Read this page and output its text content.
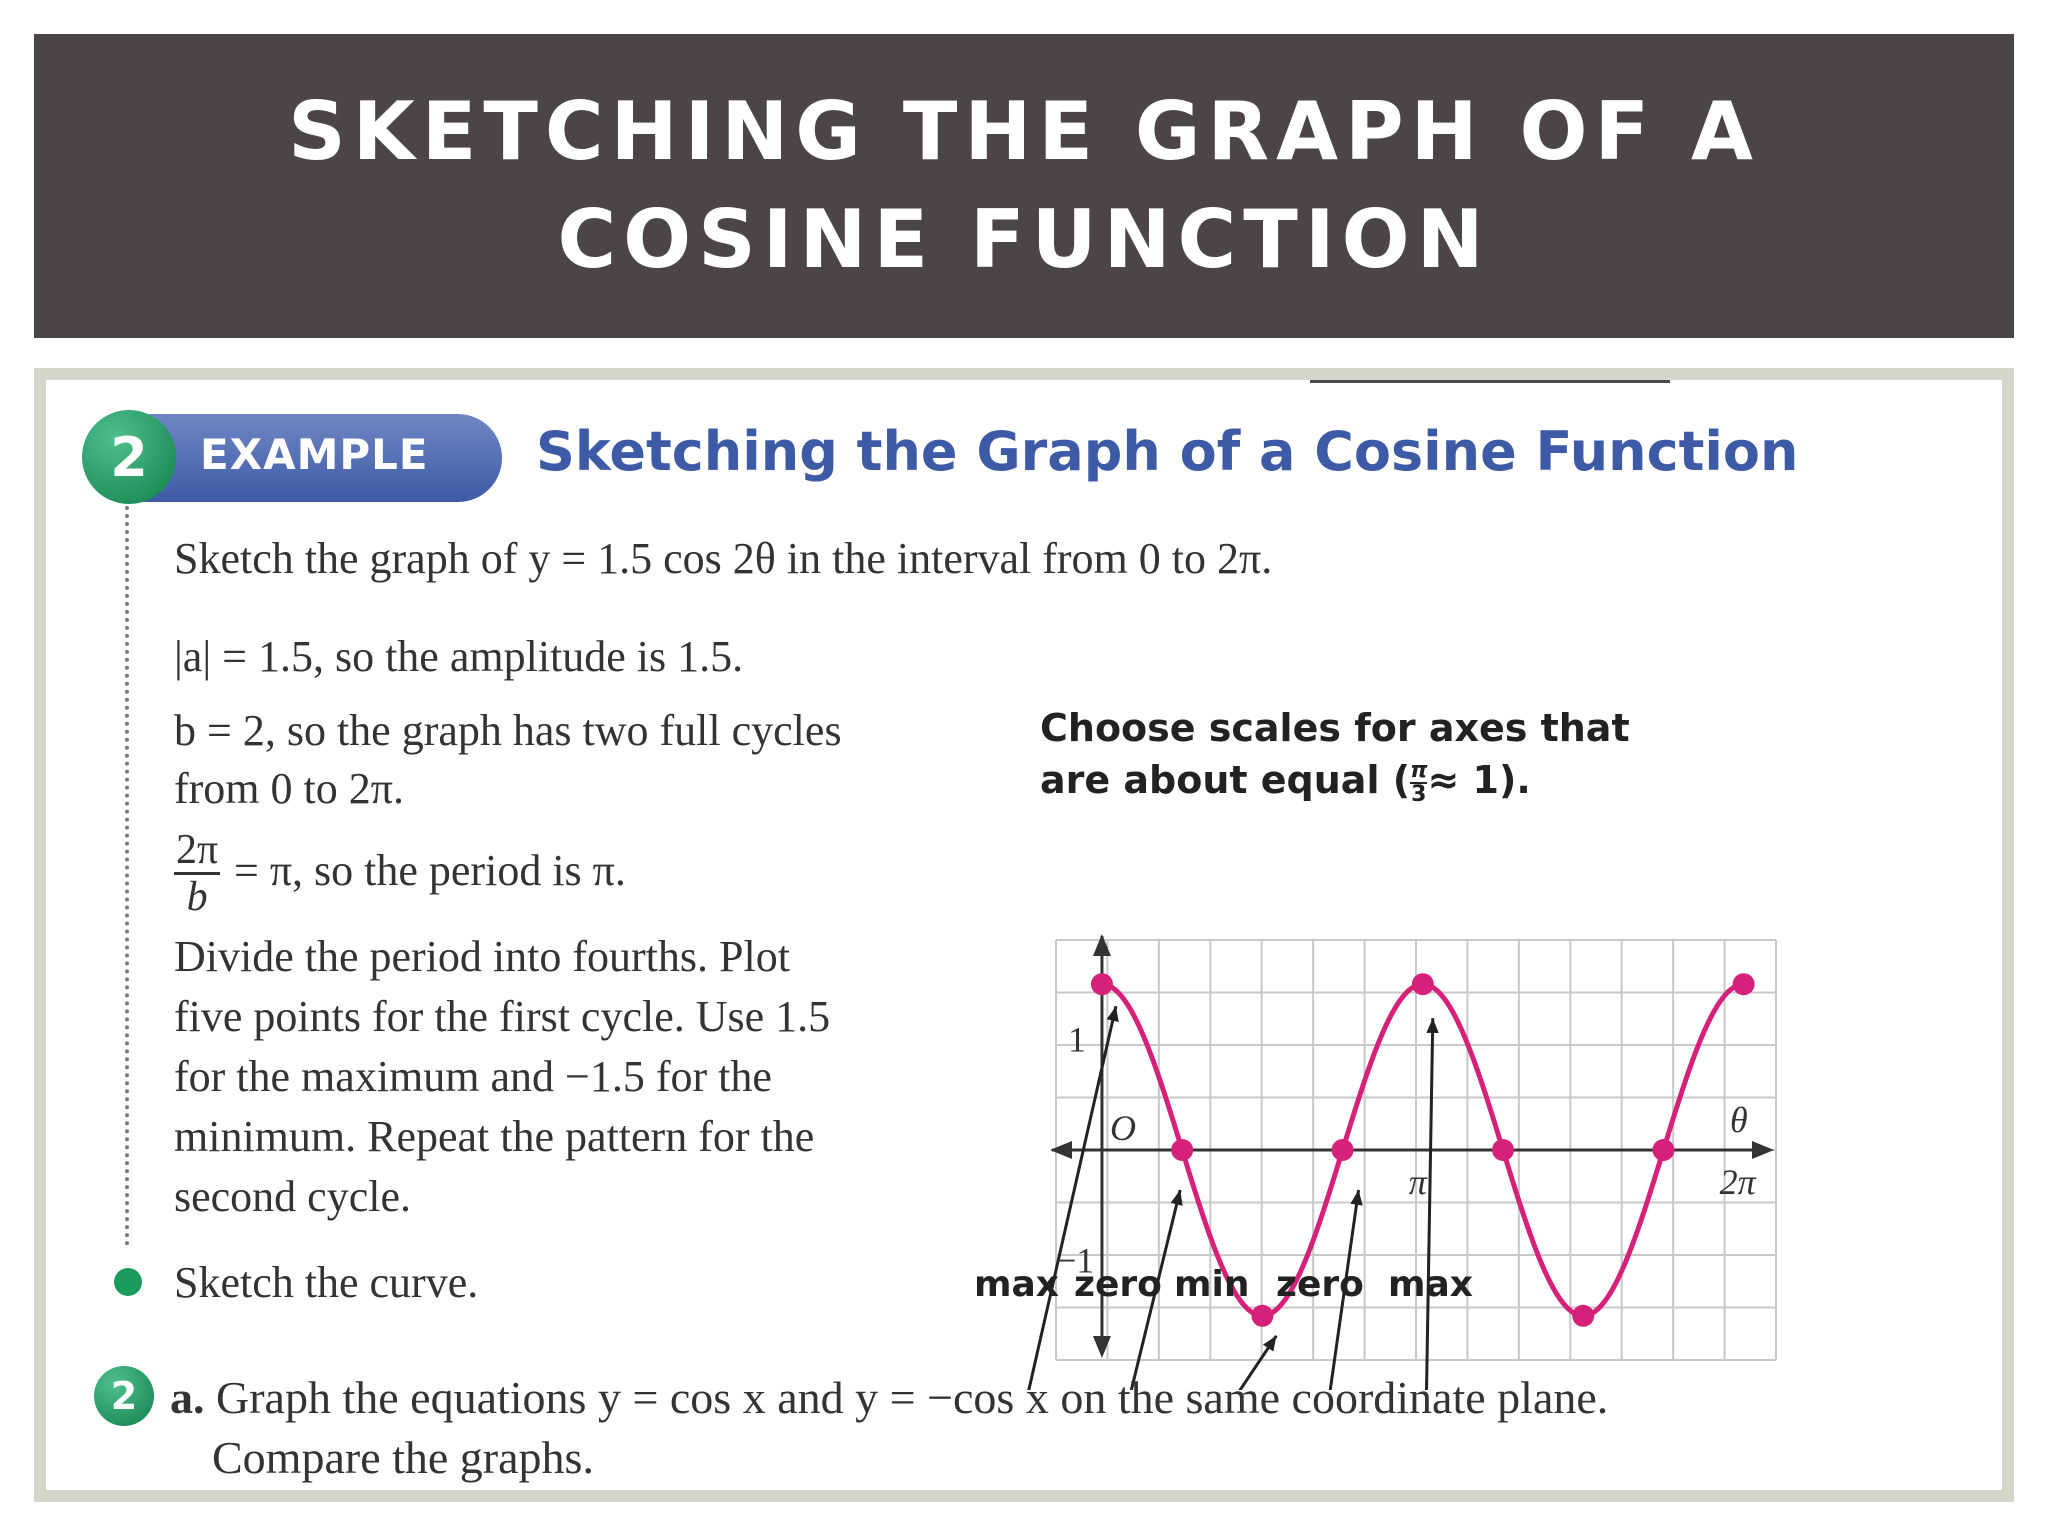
SKETCHING THE GRAPH OF A COSINE FUNCTION
2	EXAMPLE Sketching the Graph of a Cosine Function
Sketch the graph of y = 1.5 cos 2θ in the interval from 0 to 2π.
|a| = 1.5, so the amplitude is 1.5.
b = 2, so the graph has two full cycles
from 0 to 2π.
$\frac{2\pi}{b} = \pi$, so the period is π.
Divide the period into fourths. Plot
five points for the first cycle. Use 1.5
for the maximum and −1.5 for the
minimum. Repeat the pattern for the
second cycle.
Sketch the curve.
Choose scales for axes that
are about equal ( $\frac{\pi}{3} \approx 1$).
1
−1
O	θ
π	2π
2 a. Graph the equations y = cos x and y = −cos x on the same coordinate plane.
Compare the graphs.
max zero min zero max
